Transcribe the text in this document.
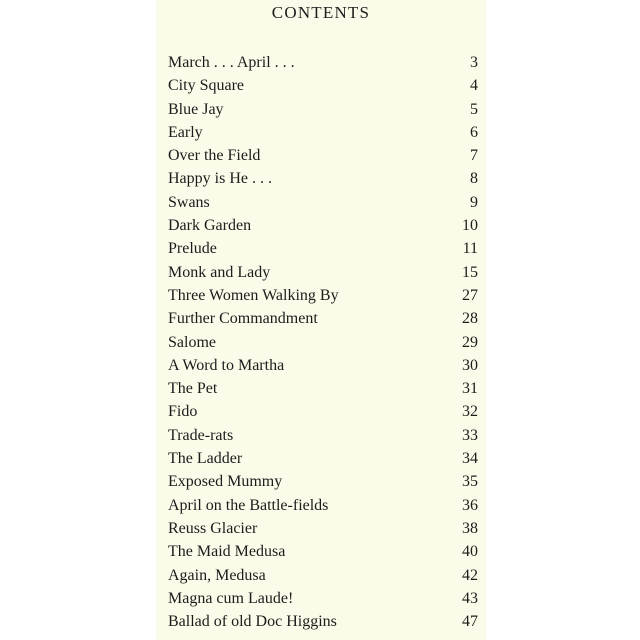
CONTENTS
March . . . April . . .	3
City Square	4
Blue Jay	5
Early	6
Over the Field	7
Happy is He . . .	8
Swans	9
Dark Garden	10
Prelude	11
Monk and Lady	15
Three Women Walking By	27
Further Commandment	28
Salome	29
A Word to Martha	30
The Pet	31
Fido	32
Trade-rats	33
The Ladder	34
Exposed Mummy	35
April on the Battle-fields	36
Reuss Glacier	38
The Maid Medusa	40
Again, Medusa	42
Magna cum Laude!	43
Ballad of old Doc Higgins	47
